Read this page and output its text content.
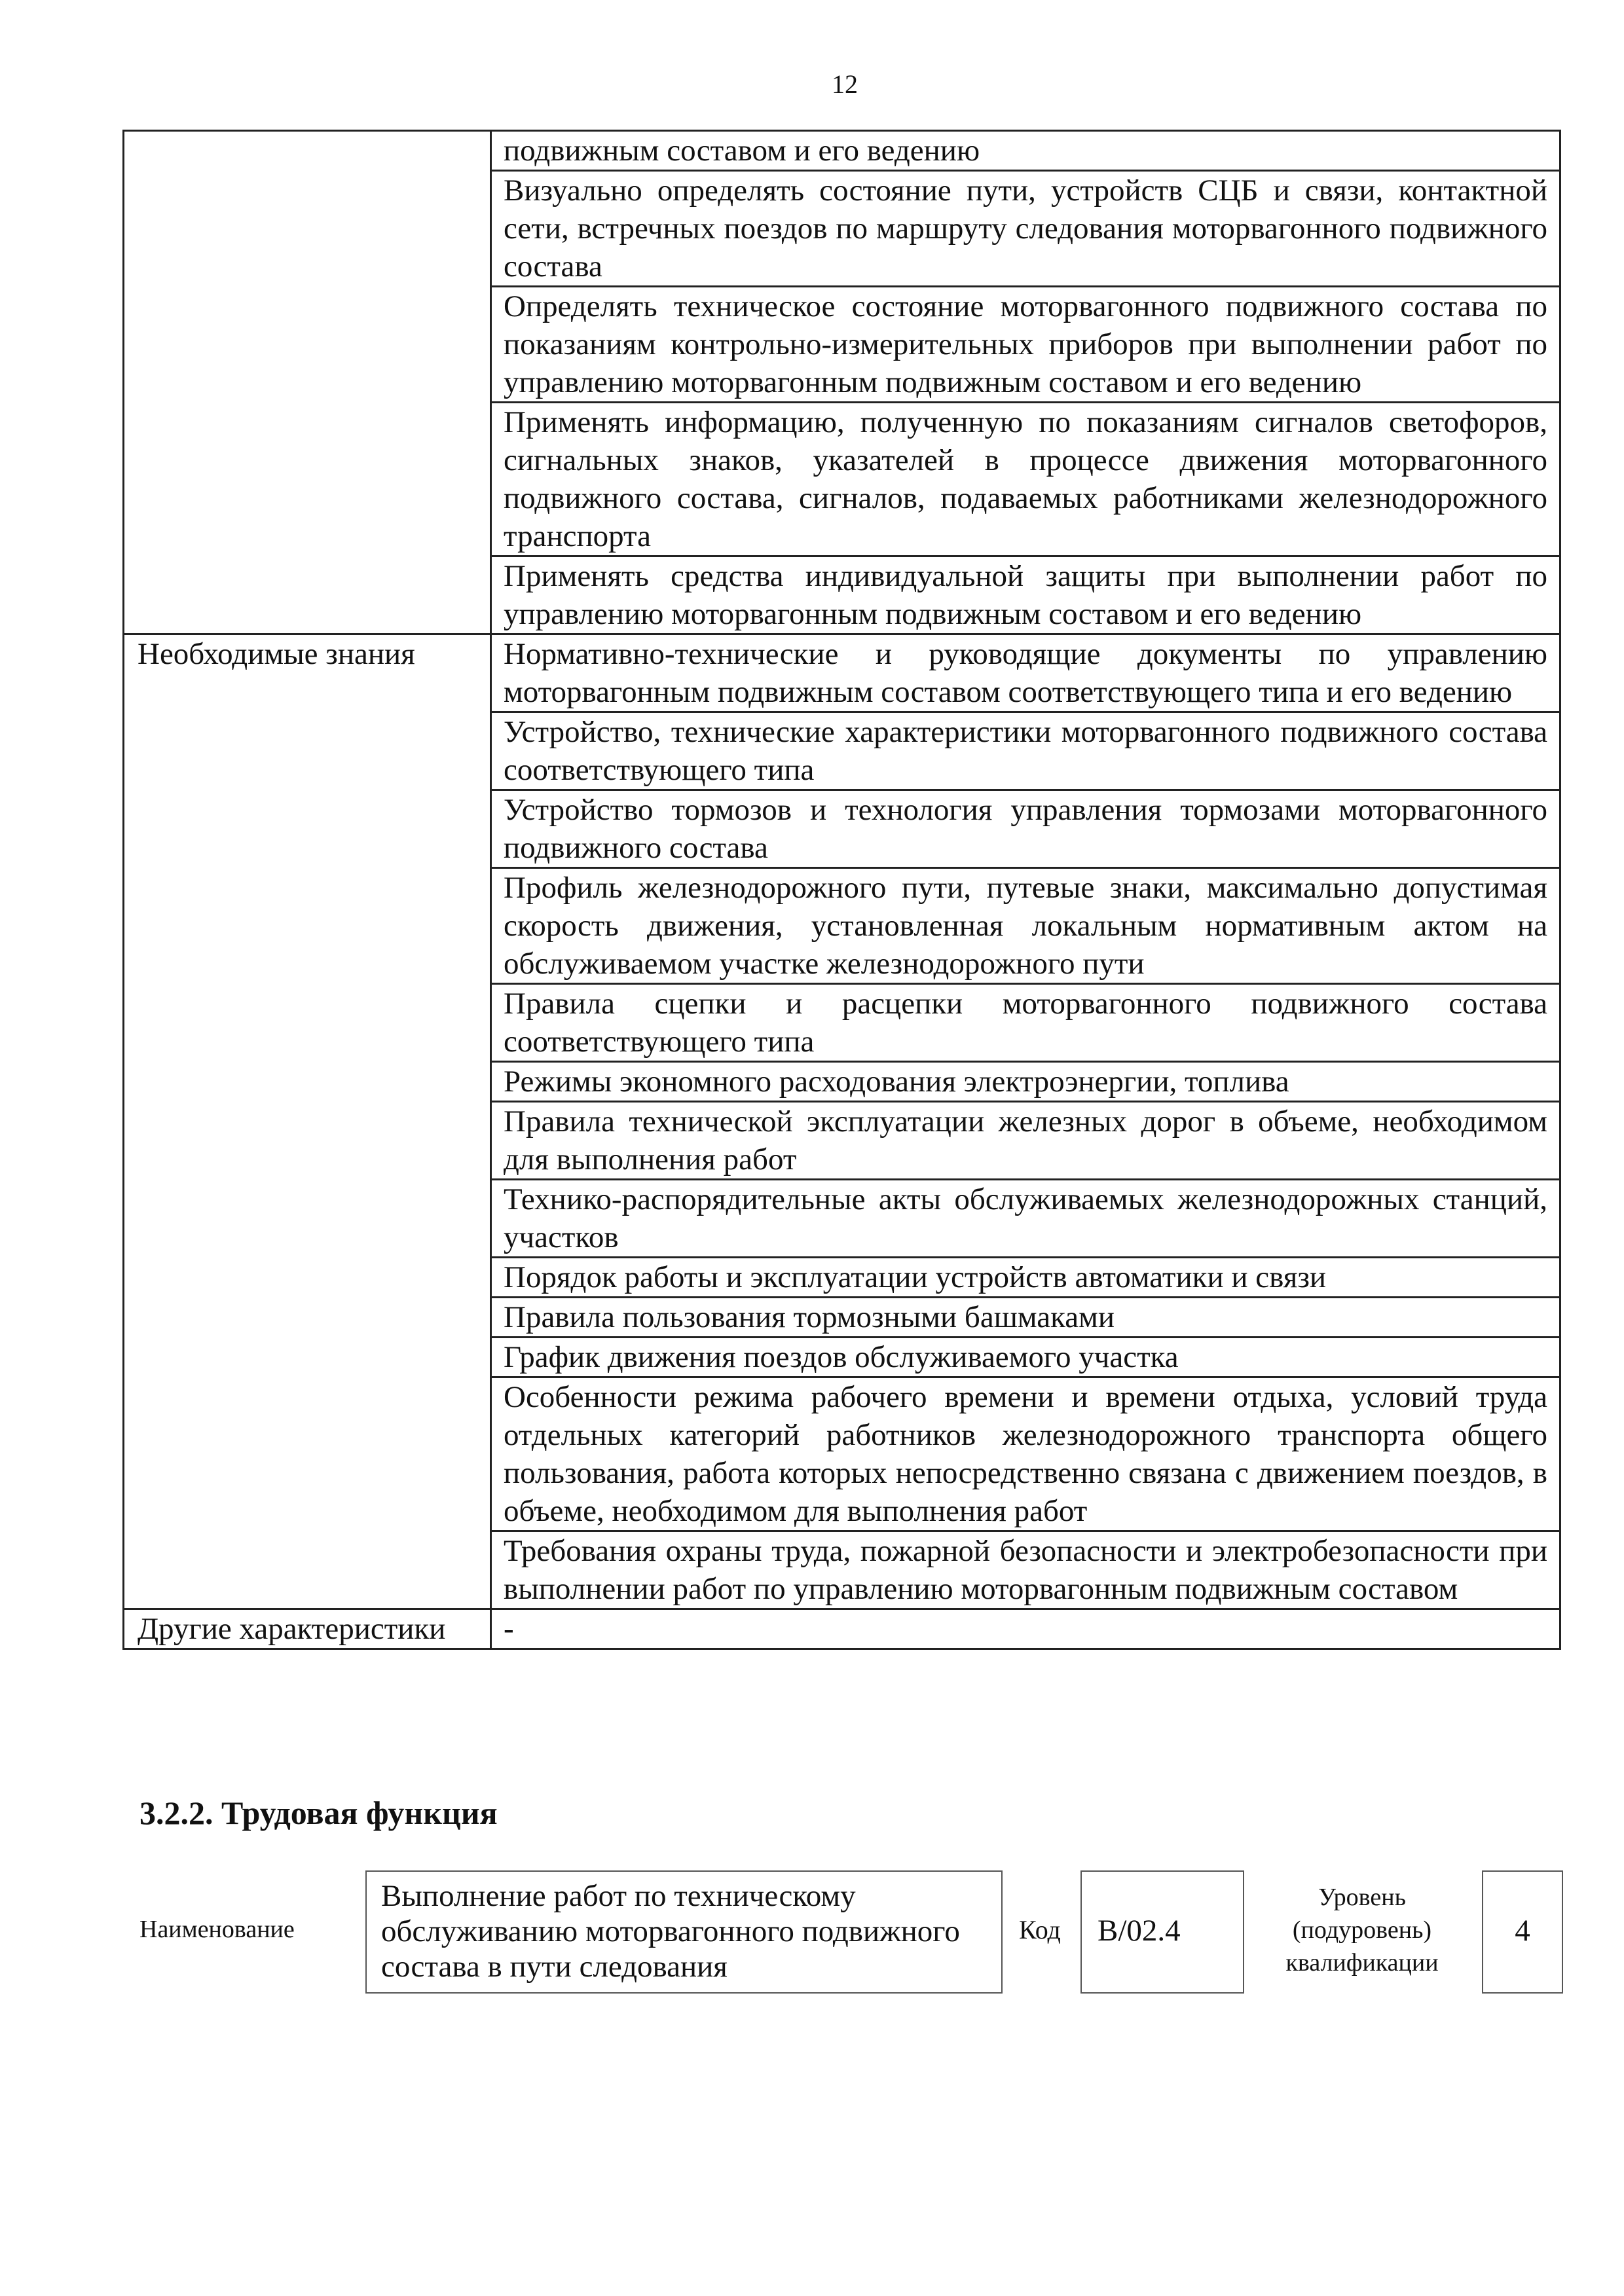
12
	подвижным составом и его ведению
	Визуально определять состояние пути, устройств СЦБ и связи, контактной сети, встречных поездов по маршруту следования моторвагонного подвижного состава
	Определять техническое состояние моторвагонного подвижного состава по показаниям контрольно-измерительных приборов при выполнении работ по управлению моторвагонным подвижным составом и его ведению
	Применять информацию, полученную по показаниям сигналов светофоров, сигнальных знаков, указателей в процессе движения моторвагонного подвижного состава, сигналов, подаваемых работниками железнодорожного транспорта
	Применять средства индивидуальной защиты при выполнении работ по управлению моторвагонным подвижным составом и его ведению
Необходимые знания	Нормативно-технические и руководящие документы по управлению моторвагонным подвижным составом соответствующего типа и его ведению
	Устройство, технические характеристики моторвагонного подвижного состава соответствующего типа
	Устройство тормозов и технология управления тормозами моторвагонного подвижного состава
	Профиль железнодорожного пути, путевые знаки, максимально допустимая скорость движения, установленная локальным нормативным актом на обслуживаемом участке железнодорожного пути
	Правила сцепки и расцепки моторвагонного подвижного состава соответствующего типа
	Режимы экономного расходования электроэнергии, топлива
	Правила технической эксплуатации железных дорог в объеме, необходимом для выполнения работ
	Технико-распорядительные акты обслуживаемых железнодорожных станций, участков
	Порядок работы и эксплуатации устройств автоматики и связи
	Правила пользования тормозными башмаками
	График движения поездов обслуживаемого участка
	Особенности режима рабочего времени и времени отдыха, условий труда отдельных категорий работников железнодорожного транспорта общего пользования, работа которых непосредственно связана с движением поездов, в объеме, необходимом для выполнения работ
	Требования охраны труда, пожарной безопасности и электробезопасности при выполнении работ по управлению моторвагонным подвижным составом
Другие характеристики	-
3.2.2. Трудовая функция
Наименование
Выполнение работ по техническому обслуживанию моторвагонного подвижного состава в пути следования
Код	В/02.4
Уровень (подуровень) квалификации
4
